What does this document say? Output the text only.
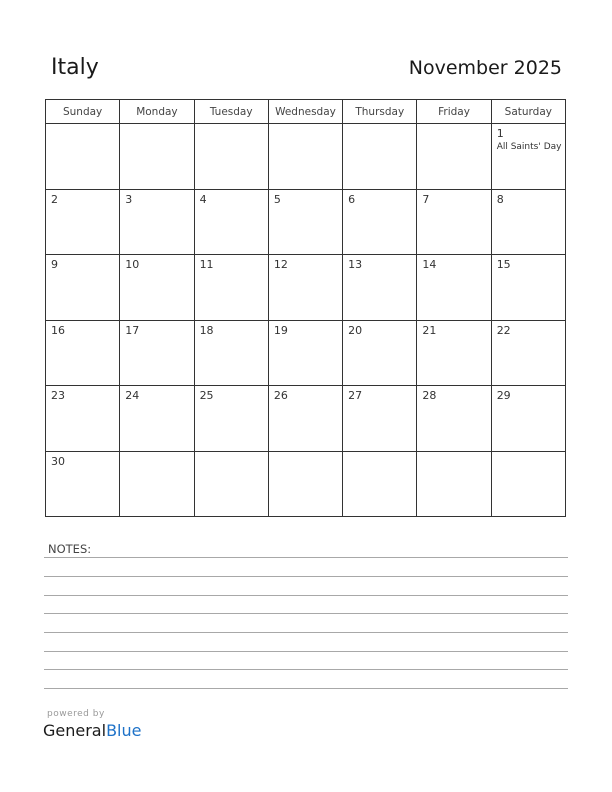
Italy	November 2025
Sunday	Monday	Tuesday	Wednesday	Thursday	Friday	Saturday

						1
All Saints' Day

2	3	4	5	6	7	8

9	10	11	12	13	14	15

16	17	18	19	20	21	22

23	24	25	26	27	28	29

30						

NOTES:
powered by
GeneralBlue
